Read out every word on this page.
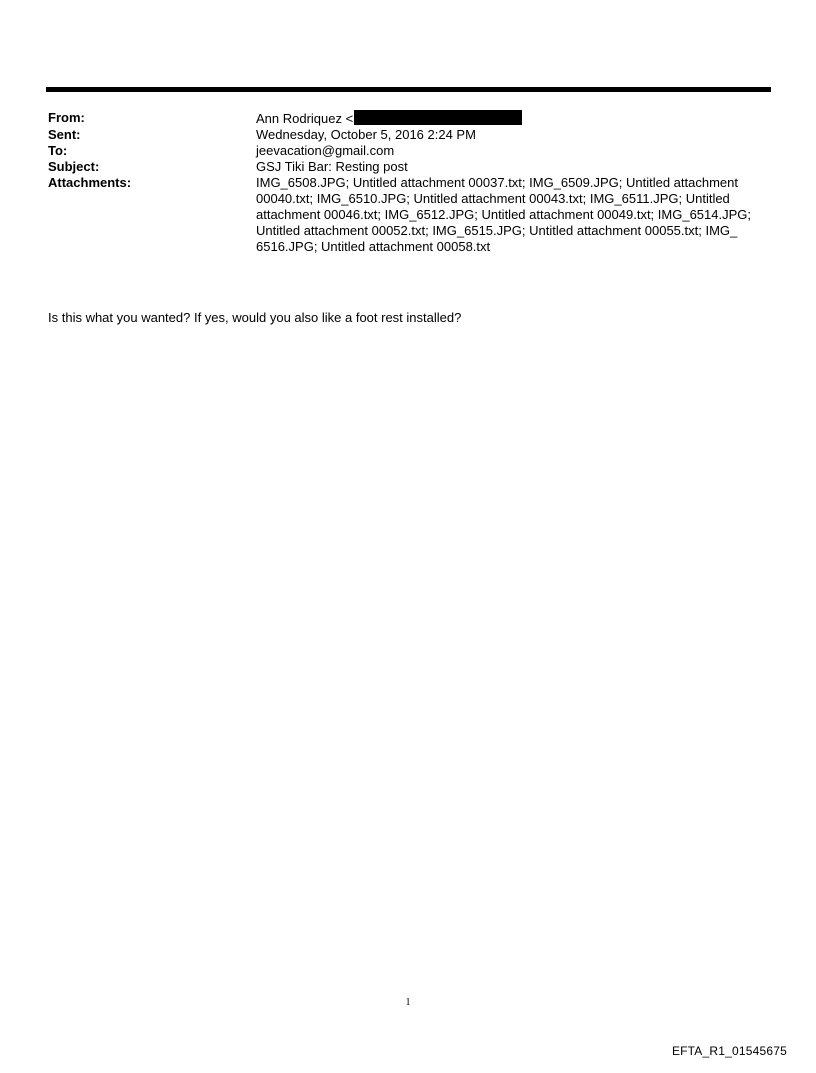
From:	Ann Rodriquez <
Sent:	Wednesday, October 5, 2016 2:24 PM
To:	jeevacation@gmail.com
Subject:	GSJ Tiki Bar: Resting post
Attachments:	IMG_6508.JPG; Untitled attachment 00037.txt; IMG_6509.JPG; Untitled attachment
00040.txt; IMG_6510.JPG; Untitled attachment 00043.txt; IMG_6511.JPG; Untitled
attachment 00046.txt; IMG_6512.JPG; Untitled attachment 00049.txt; IMG_6514.JPG;
Untitled attachment 00052.txt; IMG_6515.JPG; Untitled attachment 00055.txt; IMG_
6516.JPG; Untitled attachment 00058.txt
Is this what you wanted? If yes, would you also like a foot rest installed?
1
EFTA_R1_01545675
